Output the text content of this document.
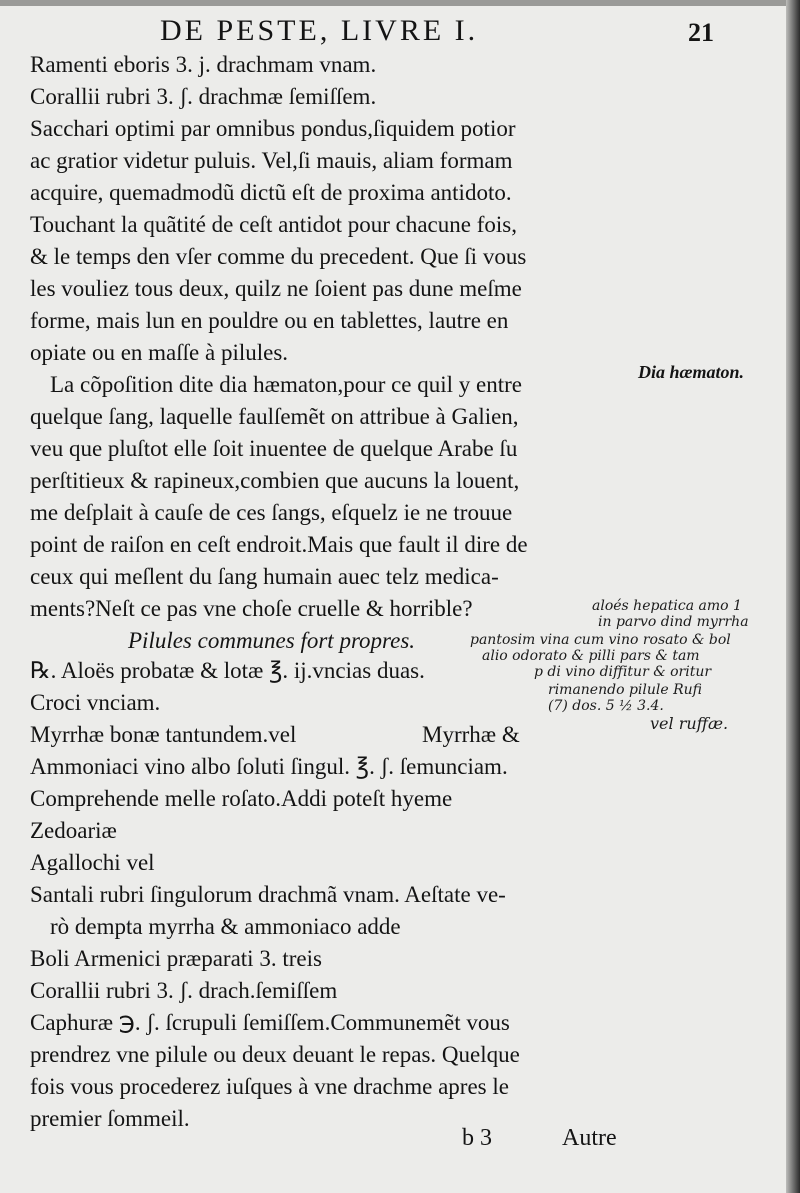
DE PESTE, LIVRE I.	21
Ramenti eboris 3. j. drachmam vnam.
Corallii rubri 3. ʃ. drachmæ ſemiſſem.
Sacchari optimi par omnibus pondus,ſiquidem potior
ac gratior videtur puluis. Vel,ſi mauis, aliam formam
acquire, quemadmodũ dictũ eſt de proxima antidoto.
Touchant la quãtité de ceſt antidot pour chacune fois,
& le temps den vſer comme du precedent. Que ſi vous
les vouliez tous deux, quilz ne ſoient pas dune meſme
forme, mais lun en pouldre ou en tablettes, lautre en
opiate ou en maſſe à pilules.
La cõpoſition dite dia hæmaton,pour ce quil y entre
quelque ſang, laquelle faulſemẽt on attribue à Galien,
veu que pluſtot elle ſoit inuentee de quelque Arabe ſu
perſtitieux & rapineux,combien que aucuns la louent,
me deſplait à cauſe de ces ſangs, eſquelz ie ne trouue
point de raiſon en ceſt endroit.Mais que fault il dire de
ceux qui meſlent du ſang humain auec telz medica-
ments?Neſt ce pas vne choſe cruelle & horrible?
Pilules communes fort propres.
℞. Aloës probatæ & lotæ ℥. ij.vncias duas.
Croci vnciam.
Myrrhæ bonæ tantundem.vel	Myrrhæ &
Ammoniaci vino albo ſoluti ſingul. ℥. ʃ. ſemunciam.
Comprehende melle roſato.Addi poteſt hyeme
Zedoariæ
Agallochi vel
Santali rubri ſingulorum drachmã vnam. Aeſtate ve-
rò dempta myrrha & ammoniaco adde
Boli Armenici præparati 3. treis
Corallii rubri 3. ʃ. drach.ſemiſſem
Caphuræ ℈. ʃ. ſcrupuli ſemiſſem.Communemẽt vous
prendrez vne pilule ou deux deuant le repas. Quelque
fois vous procederez iuſques à vne drachme apres le
premier ſommeil.
Dia hæmaton.
aloés hepatica amo 1
in parvo dind myrrha
pantosim vina cum vino rosato & bol
alio odorato & pilli pars & tam
p di vino diffitur & oritur
rimanendo pilule Rufi
(7) dos. 5 ½ 3.4.
vel ruffæ.
b 3	Autre
